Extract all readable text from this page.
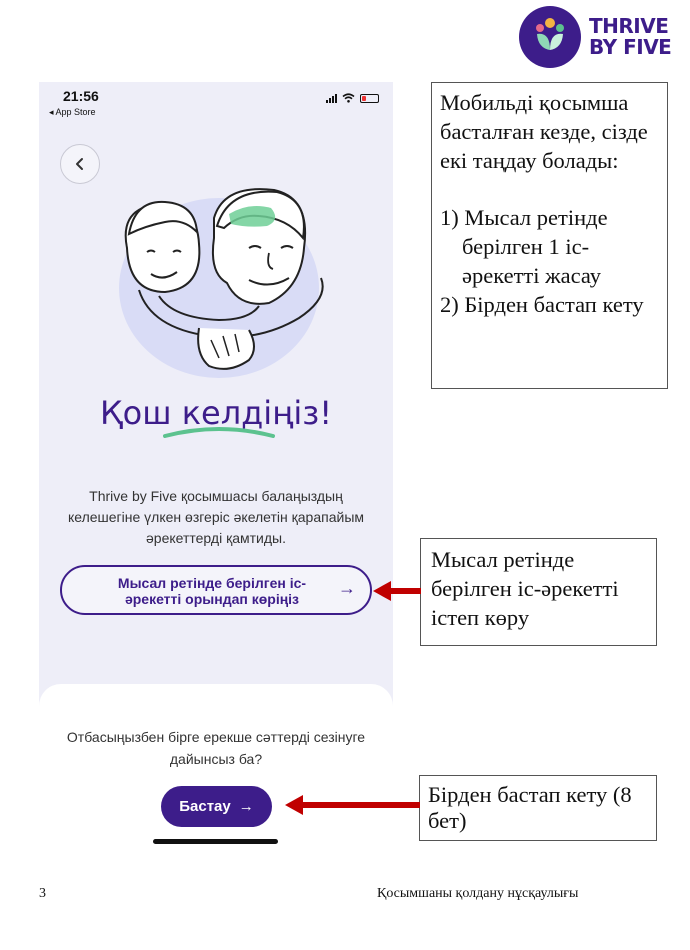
THRIVE
BY FIVE
21:56
◂ App Store
Қош келдіңіз!
Thrive by Five қосымшасы балаңыздың келешегіне үлкен өзгеріс әкелетін қарапайым әрекеттерді қамтиды.
Мысал ретінде берілген іс-әрекетті орындап көріңіз
→
Отбасыңызбен бірге ерекше сәттерді сезінуге дайынсыз ба?
Бастау →
Мобильді қосымша басталған кезде, сізде екі таңдау болады:
1) Мысал ретінде берілген 1 іс-әрекетті жасау
2) Бірден бастап кету
Мысал ретінде берілген іс-әрекетті істеп көру
Бірден бастап кету (8 бет)
3	Қосымшаны қолдану нұсқаулығы
